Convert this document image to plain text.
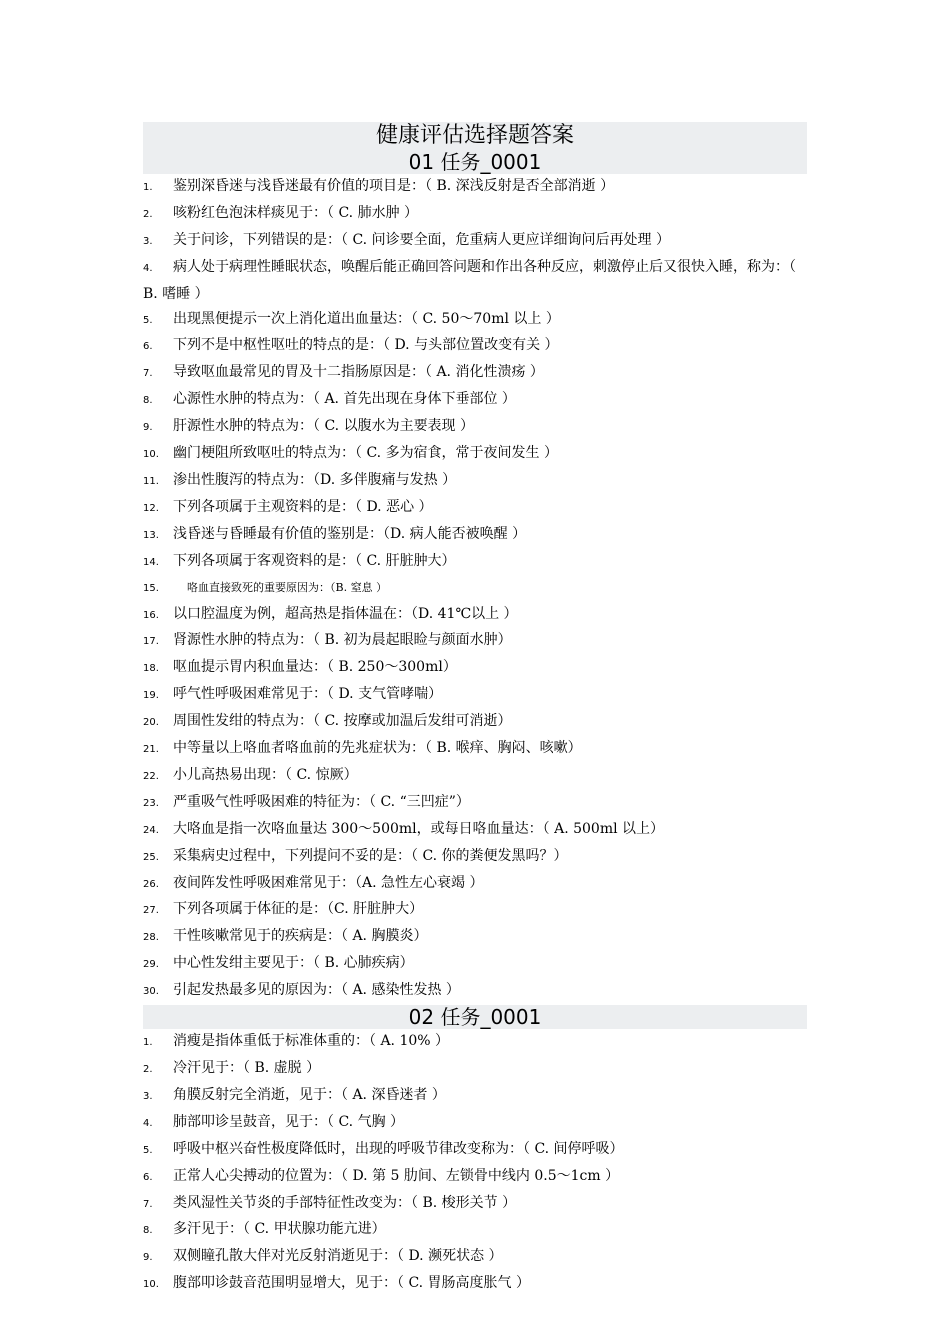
健康评估选择题答案
01 任务_0001
1.	鉴别深昏迷与浅昏迷最有价值的项目是：（ B. 深浅反射是否全部消逝 ）
2.	咳粉红色泡沫样痰见于：（ C. 肺水肿 ）
3.	关于问诊，下列错误的是：（ C. 问诊要全面，危重病人更应详细询问后再处理 ）
4. 病人处于病理性睡眠状态，唤醒后能正确回答问题和作出各种反应，刺激停止后又很快入睡，称为：（ B. 嗜睡 ）
5.	出现黑便提示一次上消化道出血量达：（ C. 50～70ml 以上 ）
6.	下列不是中枢性呕吐的特点的是：（ D. 与头部位置改变有关 ）
7.	导致呕血最常见的胃及十二指肠原因是：（ A. 消化性溃疡 ）
8.	心源性水肿的特点为：（ A. 首先出现在身体下垂部位 ）
9.	肝源性水肿的特点为：（ C. 以腹水为主要表现 ）
10.	幽门梗阻所致呕吐的特点为：（ C. 多为宿食，常于夜间发生 ）
11.	渗出性腹泻的特点为：（D. 多伴腹痛与发热 ）
12.	下列各项属于主观资料的是：（ D. 恶心 ）
13.	浅昏迷与昏睡最有价值的鉴别是：（D. 病人能否被唤醒 ）
14.	下列各项属于客观资料的是：（ C. 肝脏肿大）
15.	咯血直接致死的重要原因为：（B. 窒息 ）
16.	以口腔温度为例，超高热是指体温在：（D. 41℃以上 ）
17.	肾源性水肿的特点为：（ B. 初为晨起眼睑与颜面水肿）
18.	呕血提示胃内积血量达：（ B. 250～300ml）
19.	呼气性呼吸困难常见于：（ D. 支气管哮喘）
20.	周围性发绀的特点为：（ C. 按摩或加温后发绀可消逝）
21.	中等量以上咯血者咯血前的先兆症状为：（ B. 喉痒、胸闷、咳嗽）
22.	小儿高热易出现：（ C. 惊厥）
23.	严重吸气性呼吸困难的特征为：（ C. “三凹症”）
24.	大咯血是指一次咯血量达 300～500ml，或每日咯血量达：（ A. 500ml 以上）
25.	采集病史过程中，下列提问不妥的是：（ C. 你的粪便发黑吗？）
26.	夜间阵发性呼吸困难常见于：（A. 急性左心衰竭 ）
27.	下列各项属于体征的是：（C. 肝脏肿大）
28.	干性咳嗽常见于的疾病是：（ A. 胸膜炎）
29.	中心性发绀主要见于：（ B. 心肺疾病）
30.	引起发热最多见的原因为：（ A. 感染性发热 ）
02 任务_0001
1.	消瘦是指体重低于标准体重的：（ A. 10% ）
2.	冷汗见于：（ B. 虚脱 ）
3.	角膜反射完全消逝，见于：（ A. 深昏迷者 ）
4.	肺部叩诊呈鼓音，见于：（ C. 气胸 ）
5.	呼吸中枢兴奋性极度降低时，出现的呼吸节律改变称为：（ C. 间停呼吸）
6.	正常人心尖搏动的位置为：（ D. 第 5 肋间、左锁骨中线内 0.5～1cm ）
7.	类风湿性关节炎的手部特征性改变为：（ B. 梭形关节 ）
8.	多汗见于：（ C. 甲状腺功能亢进）
9.	双侧瞳孔散大伴对光反射消逝见于：（ D. 濒死状态 ）
10.	腹部叩诊鼓音范围明显增大，见于：（ C. 胃肠高度胀气 ）
